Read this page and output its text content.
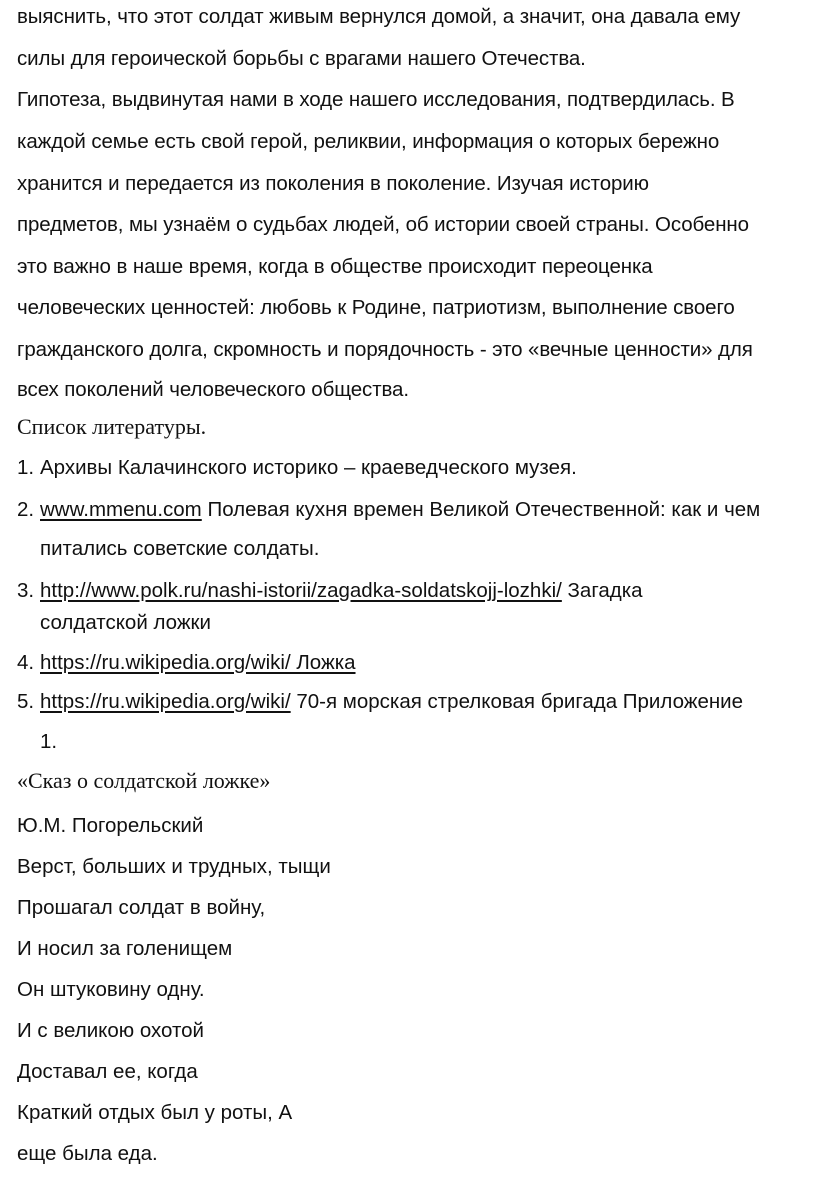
выяснить, что этот солдат живым вернулся домой, а значит, она давала ему
силы для героической борьбы с врагами нашего Отечества.
Гипотеза, выдвинутая нами в ходе нашего исследования, подтвердилась. В
каждой семье есть свой герой, реликвии, информация о которых бережно
хранится и передается из поколения в поколение. Изучая историю
предметов, мы узнаём о судьбах людей, об истории своей страны. Особенно
это важно в наше время, когда в обществе происходит переоценка
человеческих ценностей: любовь к Родине, патриотизм, выполнение своего
гражданского долга, скромность и порядочность - это «вечные ценности» для
всех поколений человеческого общества.
Список литературы.
1. Архивы Калачинского историко – краеведческого музея.
2. www.mmenu.com Полевая кухня времен Великой Отечественной: как и чем
питались советские солдаты.
3. http://www.polk.ru/nashi-istorii/zagadka-soldatskojj-lozhki/ Загадка
солдатской ложки
4. https://ru.wikipedia.org/wiki/ Ложка
5. https://ru.wikipedia.org/wiki/ 70-я морская стрелковая бригада Приложение
1.
«Сказ о солдатской ложке»
Ю.М. Погорельский
Верст, больших и трудных, тыщи
Прошагал солдат в войну,
И носил за голенищем
Он штуковину одну.
И с великою охотой
Доставал ее, когда
Краткий отдых был у роты, А
еще была еда.
